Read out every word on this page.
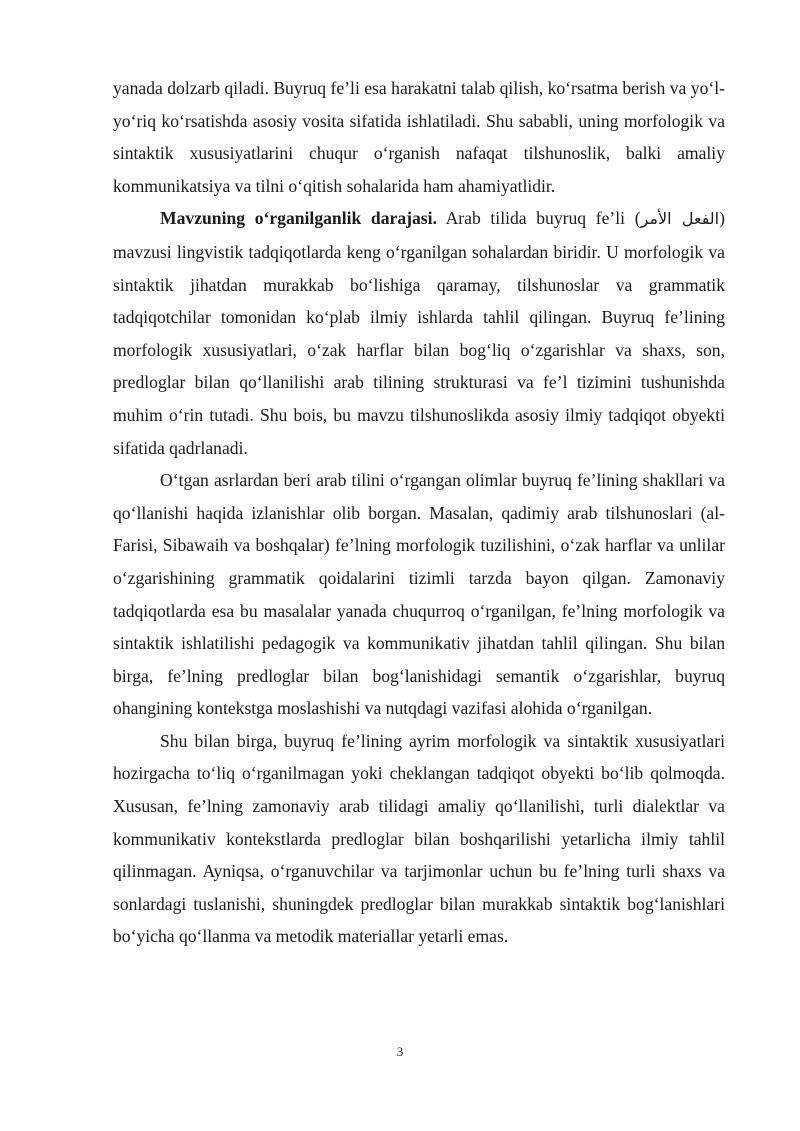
yanada dolzarb qiladi. Buyruq fe’li esa harakatni talab qilish, ko‘rsatma berish va yo‘l-yo‘riq ko‘rsatishda asosiy vosita sifatida ishlatiladi. Shu sababli, uning morfologik va sintaktik xususiyatlarini chuqur o‘rganish nafaqat tilshunoslik, balki amaliy kommunikatsiya va tilni o‘qitish sohalarida ham ahamiyatlidir.

Mavzuning o‘rganilganlik darajasi. Arab tilida buyruq fe’li (الفعل الأمر) mavzusi lingvistik tadqiqotlarda keng o‘rganilgan sohalardan biridir. U morfologik va sintaktik jihatdan murakkab bo‘lishiga qaramay, tilshunoslar va grammatik tadqiqotchilar tomonidan ko‘plab ilmiy ishlarda tahlil qilingan. Buyruq fe’lining morfologik xususiyatlari, o‘zak harflar bilan bog‘liq o‘zgarishlar va shaxs, son, predloglar bilan qo‘llanilishi arab tilining strukturasi va fe’l tizimini tushunishda muhim o‘rin tutadi. Shu bois, bu mavzu tilshunoslikda asosiy ilmiy tadqiqot obyekti sifatida qadrlanadi.

O‘tgan asrlardan beri arab tilini o‘rgangan olimlar buyruq fe’lining shakllari va qo‘llanishi haqida izlanishlar olib borgan. Masalan, qadimiy arab tilshunoslari (al-Farisi, Sibawaih va boshqalar) fe’lning morfologik tuzilishini, o‘zak harflar va unlilar o‘zgarishining grammatik qoidalarini tizimli tarzda bayon qilgan. Zamonaviy tadqiqotlarda esa bu masalalar yanada chuqurroq o‘rganilgan, fe’lning morfologik va sintaktik ishlatilishi pedagogik va kommunikativ jihatdan tahlil qilingan. Shu bilan birga, fe’lning predloglar bilan bog‘lanishidagi semantik o‘zgarishlar, buyruq ohangining kontekstga moslashishi va nutqdagi vazifasi alohida o‘rganilgan.

Shu bilan birga, buyruq fe’lining ayrim morfologik va sintaktik xususiyatlari hozirgacha to‘liq o‘rganilmagan yoki cheklangan tadqiqot obyekti bo‘lib qolmoqda. Xususan, fe’lning zamonaviy arab tilidagi amaliy qo‘llanilishi, turli dialektlar va kommunikativ kontekstlarda predloglar bilan boshqarilishi yetarlicha ilmiy tahlil qilinmagan. Ayniqsa, o‘rganuvchilar va tarjimonlar uchun bu fe’lning turli shaxs va sonlardagi tuslanishi, shuningdek predloglar bilan murakkab sintaktik bog‘lanishlari bo‘yicha qo‘llanma va metodik materiallar yetarli emas.

3
